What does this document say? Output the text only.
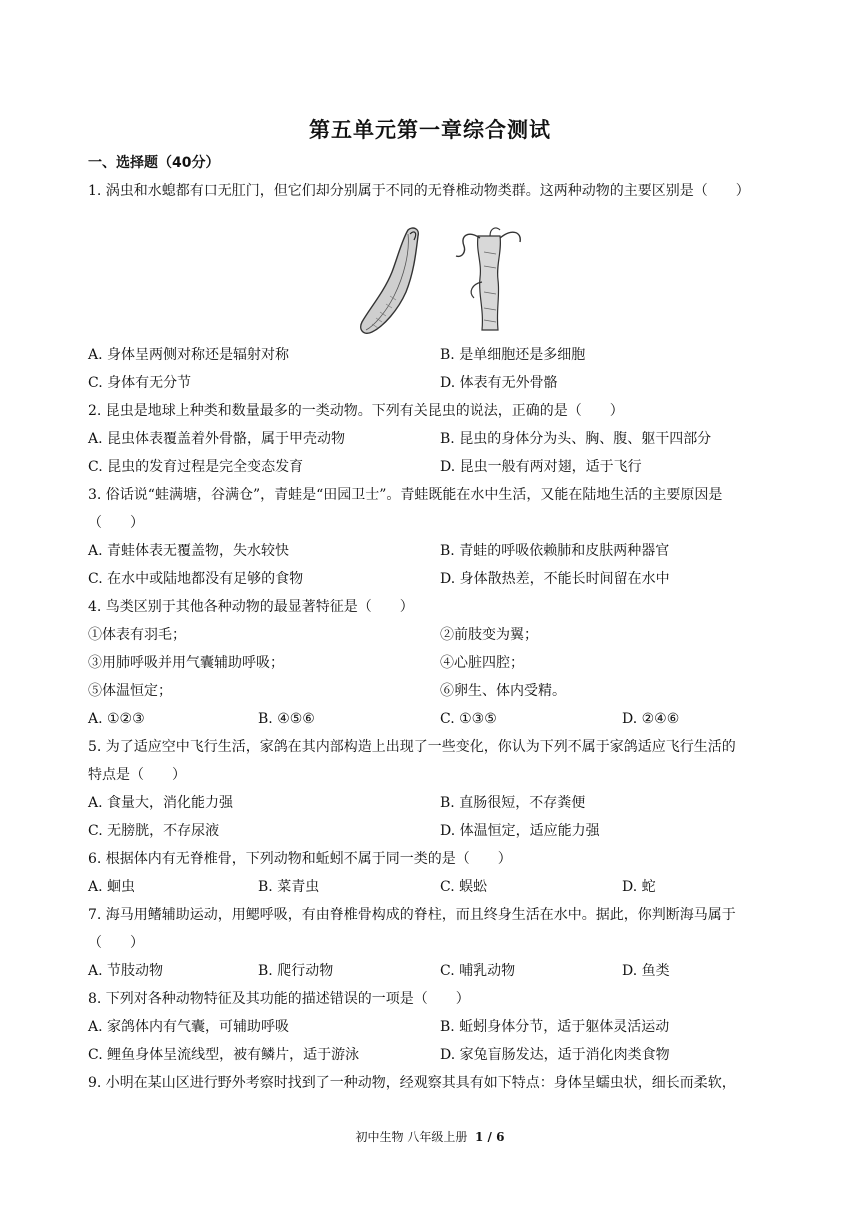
第五单元第一章综合测试
一、选择题（40分）
1. 涡虫和水螅都有口无肛门，但它们却分别属于不同的无脊椎动物类群。这两种动物的主要区别是（　　）
A. 身体呈两侧对称还是辐射对称	B. 是单细胞还是多细胞
C. 身体有无分节	D. 体表有无外骨骼
2. 昆虫是地球上种类和数量最多的一类动物。下列有关昆虫的说法，正确的是（　　）
A. 昆虫体表覆盖着外骨骼，属于甲壳动物	B. 昆虫的身体分为头、胸、腹、躯干四部分
C. 昆虫的发育过程是完全变态发育	D. 昆虫一般有两对翅，适于飞行
3. 俗话说“蛙满塘，谷满仓”，青蛙是“田园卫士”。青蛙既能在水中生活，又能在陆地生活的主要原因是
（　　）
A. 青蛙体表无覆盖物，失水较快	B. 青蛙的呼吸依赖肺和皮肤两种器官
C. 在水中或陆地都没有足够的食物	D. 身体散热差，不能长时间留在水中
4. 鸟类区别于其他各种动物的最显著特征是（　　）
①体表有羽毛；	②前肢变为翼；
③用肺呼吸并用气囊辅助呼吸；	④心脏四腔；
⑤体温恒定；	⑥卵生、体内受精。
A. ①②③	B. ④⑤⑥	C. ①③⑤	D. ②④⑥
5. 为了适应空中飞行生活，家鸽在其内部构造上出现了一些变化，你认为下列不属于家鸽适应飞行生活的
特点是（　　）
A. 食量大，消化能力强	B. 直肠很短，不存粪便
C. 无膀胱，不存尿液	D. 体温恒定，适应能力强
6. 根据体内有无脊椎骨，下列动物和蚯蚓不属于同一类的是（　　）
A. 蛔虫	B. 菜青虫	C. 蜈蚣	D. 蛇
7. 海马用鳍辅助运动，用鳃呼吸，有由脊椎骨构成的脊柱，而且终身生活在水中。据此，你判断海马属于
（　　）
A. 节肢动物	B. 爬行动物	C. 哺乳动物	D. 鱼类
8. 下列对各种动物特征及其功能的描述错误的一项是（　　）
A. 家鸽体内有气囊，可辅助呼吸	B. 蚯蚓身体分节，适于躯体灵活运动
C. 鲤鱼身体呈流线型，被有鳞片，适于游泳	D. 家兔盲肠发达，适于消化肉类食物
9. 小明在某山区进行野外考察时找到了一种动物，经观察其具有如下特点：身体呈蠕虫状，细长而柔软，
初中生物 八年级上册 1 / 6
